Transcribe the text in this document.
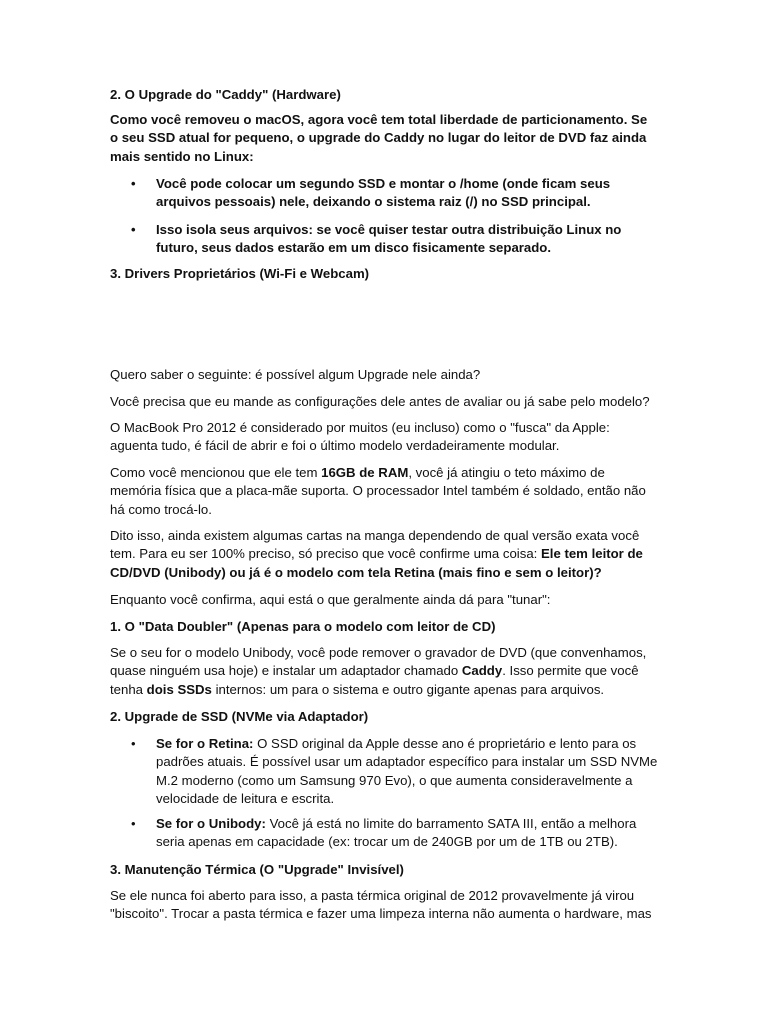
2. O Upgrade do "Caddy" (Hardware)

Como você removeu o macOS, agora você tem total liberdade de particionamento. Se o seu SSD atual for pequeno, o upgrade do Caddy no lugar do leitor de DVD faz ainda mais sentido no Linux:

•	Você pode colocar um segundo SSD e montar o /home (onde ficam seus arquivos pessoais) nele, deixando o sistema raiz (/) no SSD principal.
•	Isso isola seus arquivos: se você quiser testar outra distribuição Linux no futuro, seus dados estarão em um disco fisicamente separado.

3. Drivers Proprietários (Wi-Fi e Webcam)

Quero saber o seguinte: é possível algum Upgrade nele ainda?

Você precisa que eu mande as configurações dele antes de avaliar ou já sabe pelo modelo?

O MacBook Pro 2012 é considerado por muitos (eu incluso) como o "fusca" da Apple: aguenta tudo, é fácil de abrir e foi o último modelo verdadeiramente modular.

Como você mencionou que ele tem 16GB de RAM, você já atingiu o teto máximo de memória física que a placa-mãe suporta. O processador Intel também é soldado, então não há como trocá-lo.

Dito isso, ainda existem algumas cartas na manga dependendo de qual versão exata você tem. Para eu ser 100% preciso, só preciso que você confirme uma coisa: Ele tem leitor de CD/DVD (Unibody) ou já é o modelo com tela Retina (mais fino e sem o leitor)?

Enquanto você confirma, aqui está o que geralmente ainda dá para "tunar":

1. O "Data Doubler" (Apenas para o modelo com leitor de CD)

Se o seu for o modelo Unibody, você pode remover o gravador de DVD (que convenhamos, quase ninguém usa hoje) e instalar um adaptador chamado Caddy. Isso permite que você tenha dois SSDs internos: um para o sistema e outro gigante apenas para arquivos.

2. Upgrade de SSD (NVMe via Adaptador)

•	Se for o Retina: O SSD original da Apple desse ano é proprietário e lento para os padrões atuais. É possível usar um adaptador específico para instalar um SSD NVMe M.2 moderno (como um Samsung 970 Evo), o que aumenta consideravelmente a velocidade de leitura e escrita.
•	Se for o Unibody: Você já está no limite do barramento SATA III, então a melhora seria apenas em capacidade (ex: trocar um de 240GB por um de 1TB ou 2TB).

3. Manutenção Térmica (O "Upgrade" Invisível)

Se ele nunca foi aberto para isso, a pasta térmica original de 2012 provavelmente já virou "biscoito". Trocar a pasta térmica e fazer uma limpeza interna não aumenta o hardware, mas
